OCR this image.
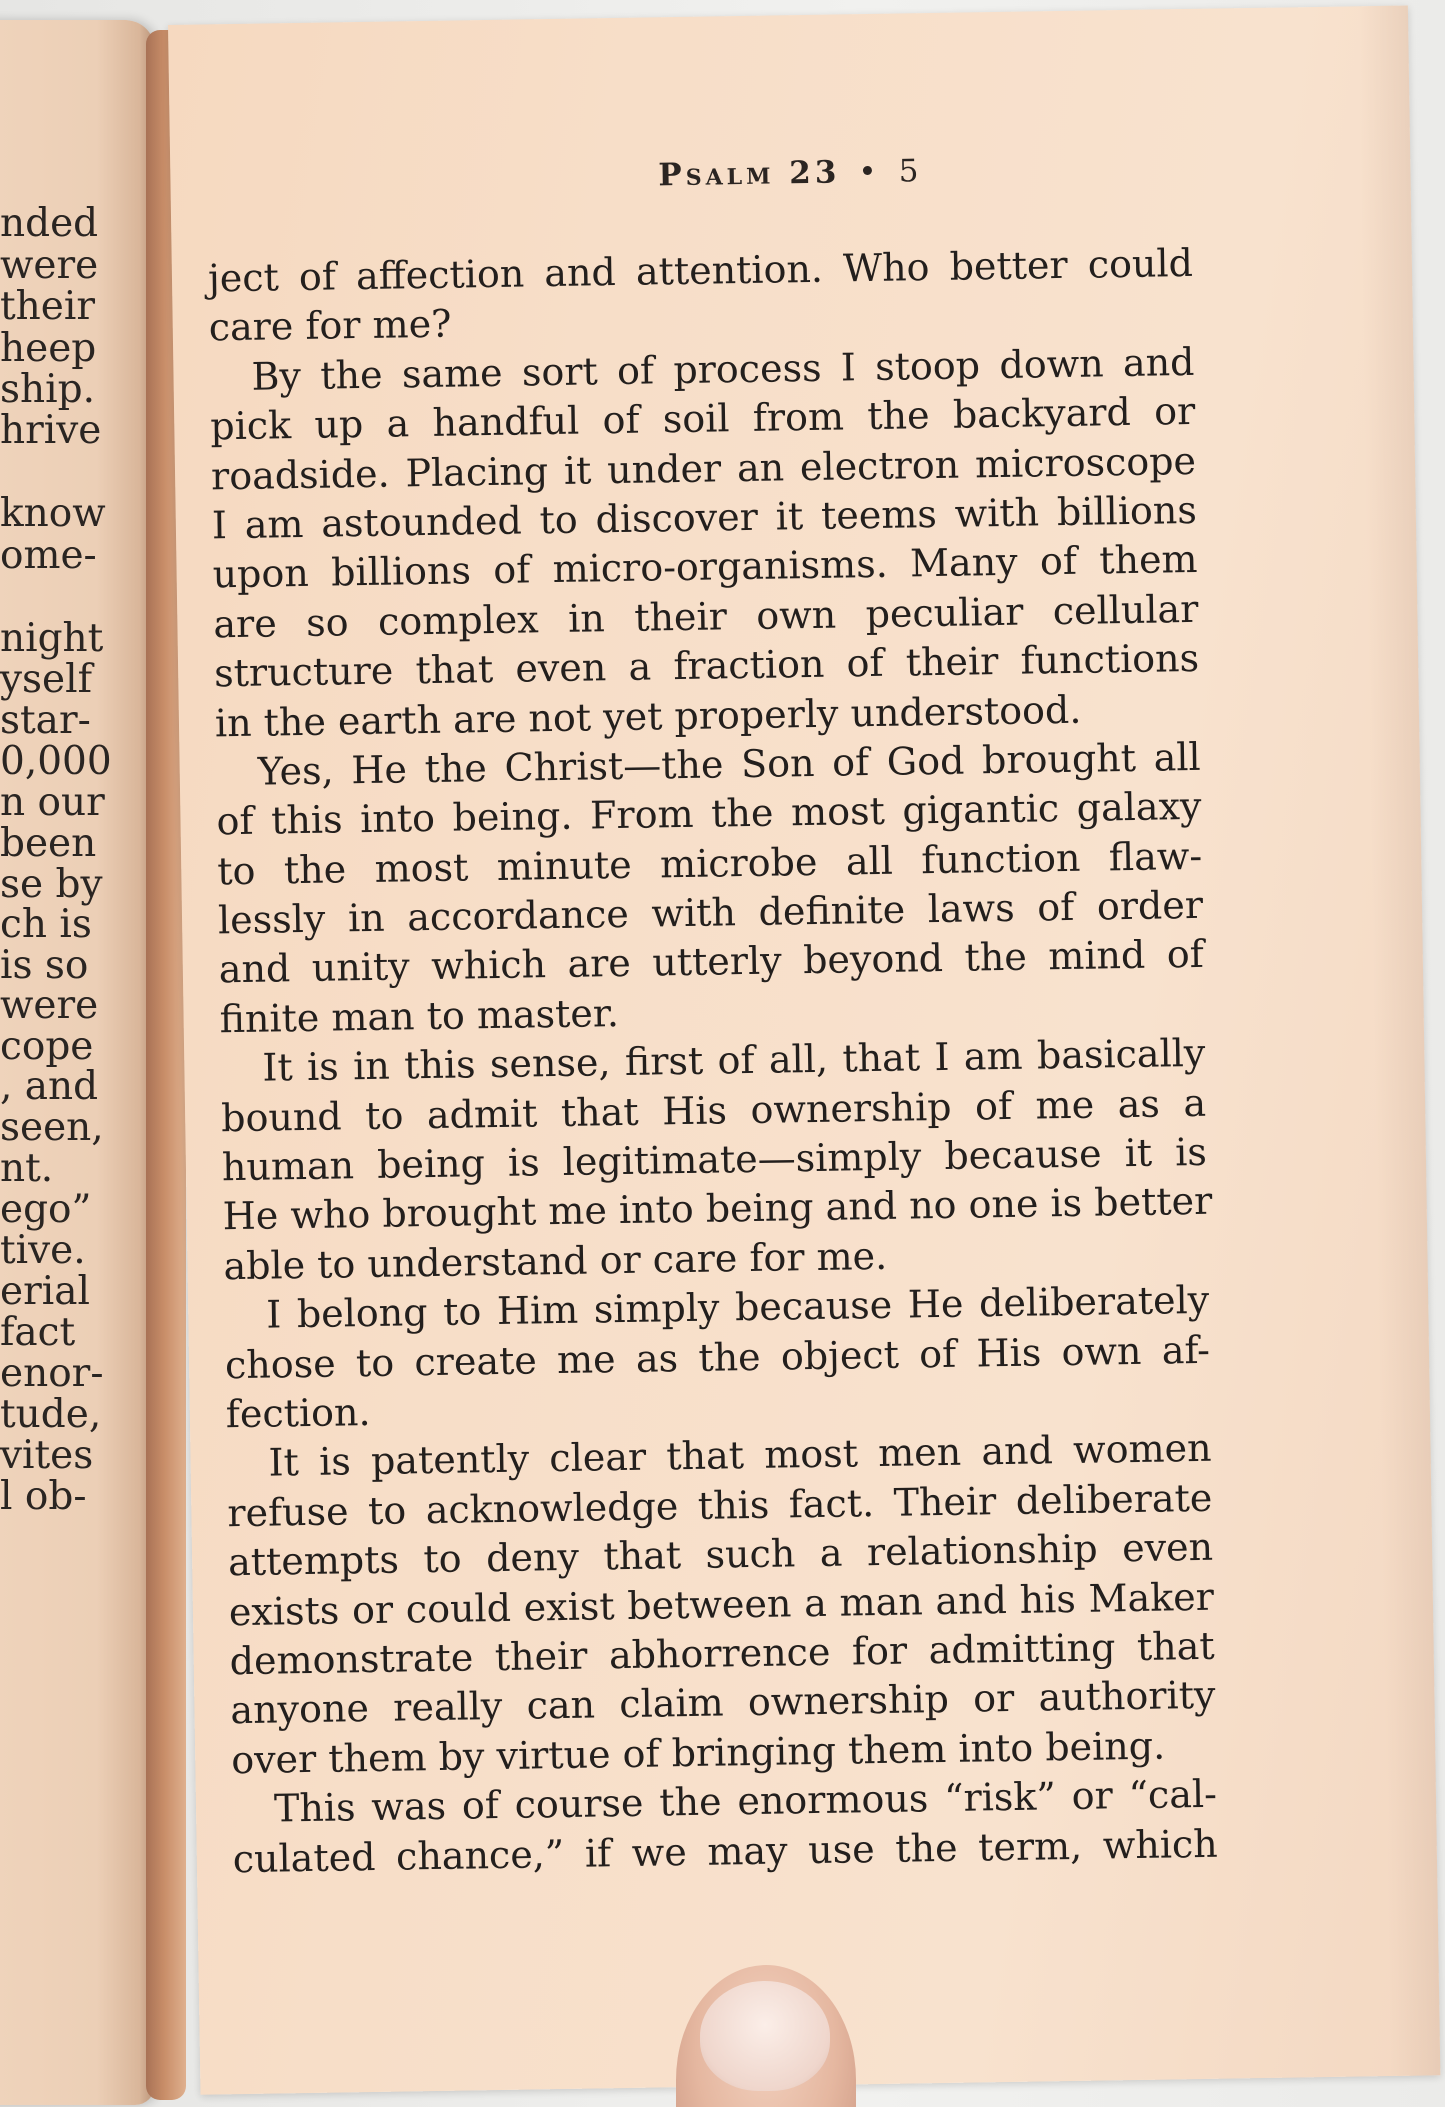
nded
were
their
heep
ship.
hrive
know
ome-
night
yself
star-
0,000
n our
been
se by
ch is
is so
were
cope
, and
seen,
nt.
ego”
tive.
erial
fact
enor-
tude,
vites
l ob-
Psalm 23 • 5
ject of affection and attention. Who better could
care for me?
By the same sort of process I stoop down and
pick up a handful of soil from the backyard or
roadside. Placing it under an electron microscope
I am astounded to discover it teems with billions
upon billions of micro-organisms. Many of them
are so complex in their own peculiar cellular
structure that even a fraction of their functions
in the earth are not yet properly understood.
Yes, He the Christ—the Son of God brought all
of this into being. From the most gigantic galaxy
to the most minute microbe all function flaw-
lessly in accordance with definite laws of order
and unity which are utterly beyond the mind of
finite man to master.
It is in this sense, first of all, that I am basically
bound to admit that His ownership of me as a
human being is legitimate—simply because it is
He who brought me into being and no one is better
able to understand or care for me.
I belong to Him simply because He deliberately
chose to create me as the object of His own af-
fection.
It is patently clear that most men and women
refuse to acknowledge this fact. Their deliberate
attempts to deny that such a relationship even
exists or could exist between a man and his Maker
demonstrate their abhorrence for admitting that
anyone really can claim ownership or authority
over them by virtue of bringing them into being.
This was of course the enormous “risk” or “cal-
culated chance,” if we may use the term, which
